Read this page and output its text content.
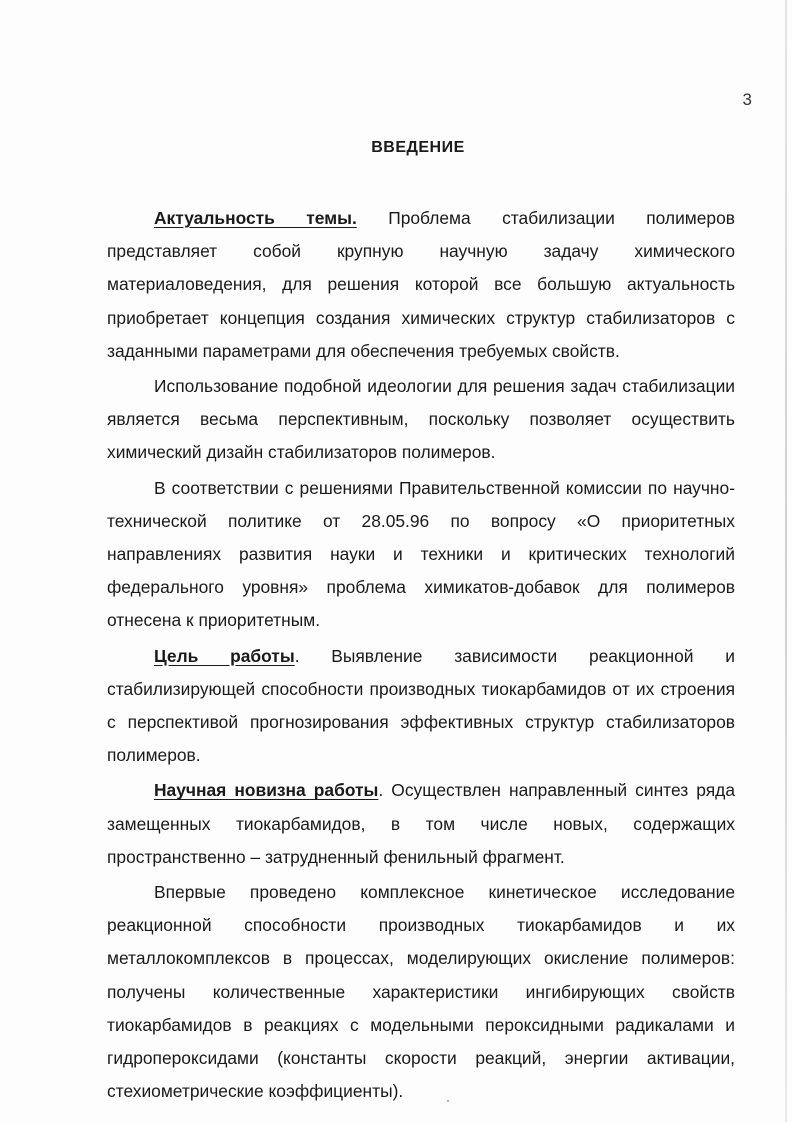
3
ВВЕДЕНИЕ

Актуальность темы. Проблема стабилизации полимеров представляет собой крупную научную задачу химического материаловедения, для решения которой все большую актуальность приобретает концепция создания химических структур стабилизаторов с заданными параметрами для обеспечения требуемых свойств.

Использование подобной идеологии для решения задач стабилизации является весьма перспективным, поскольку позволяет осуществить химический дизайн стабилизаторов полимеров.

В соответствии с решениями Правительственной комиссии по научно-технической политике от 28.05.96 по вопросу «О приоритетных направлениях развития науки и техники и критических технологий федерального уровня» проблема химикатов-добавок для полимеров отнесена к приоритетным.

Цель работы. Выявление зависимости реакционной и стабилизирующей способности производных тиокарбамидов от их строения с перспективой прогнозирования эффективных структур стабилизаторов полимеров.

Научная новизна работы. Осуществлен направленный синтез ряда замещенных тиокарбамидов, в том числе новых, содержащих пространственно – затрудненный фенильный фрагмент.

Впервые проведено комплексное кинетическое исследование реакционной способности производных тиокарбамидов и их металлокомплексов в процессах, моделирующих окисление полимеров: получены количественные характеристики ингибирующих свойств тиокарбамидов в реакциях с модельными пероксидными радикалами и гидропероксидами (константы скорости реакций, энергии активации, стехиометрические коэффициенты).
